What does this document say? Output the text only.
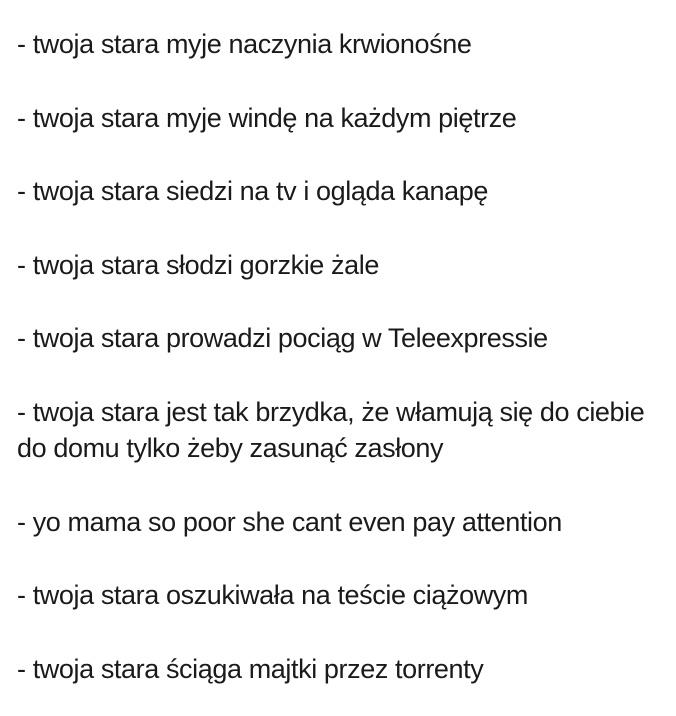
- twoja stara myje naczynia krwionośne

- twoja stara myje windę na każdym piętrze

- twoja stara siedzi na tv i ogląda kanapę

- twoja stara słodzi gorzkie żale

- twoja stara prowadzi pociąg w Teleexpressie

- twoja stara jest tak brzydka, że włamują się do ciebie
do domu tylko żeby zasunąć zasłony

- yo mama so poor she cant even pay attention

- twoja stara oszukiwała na teście ciążowym

- twoja stara ściąga majtki przez torrenty
